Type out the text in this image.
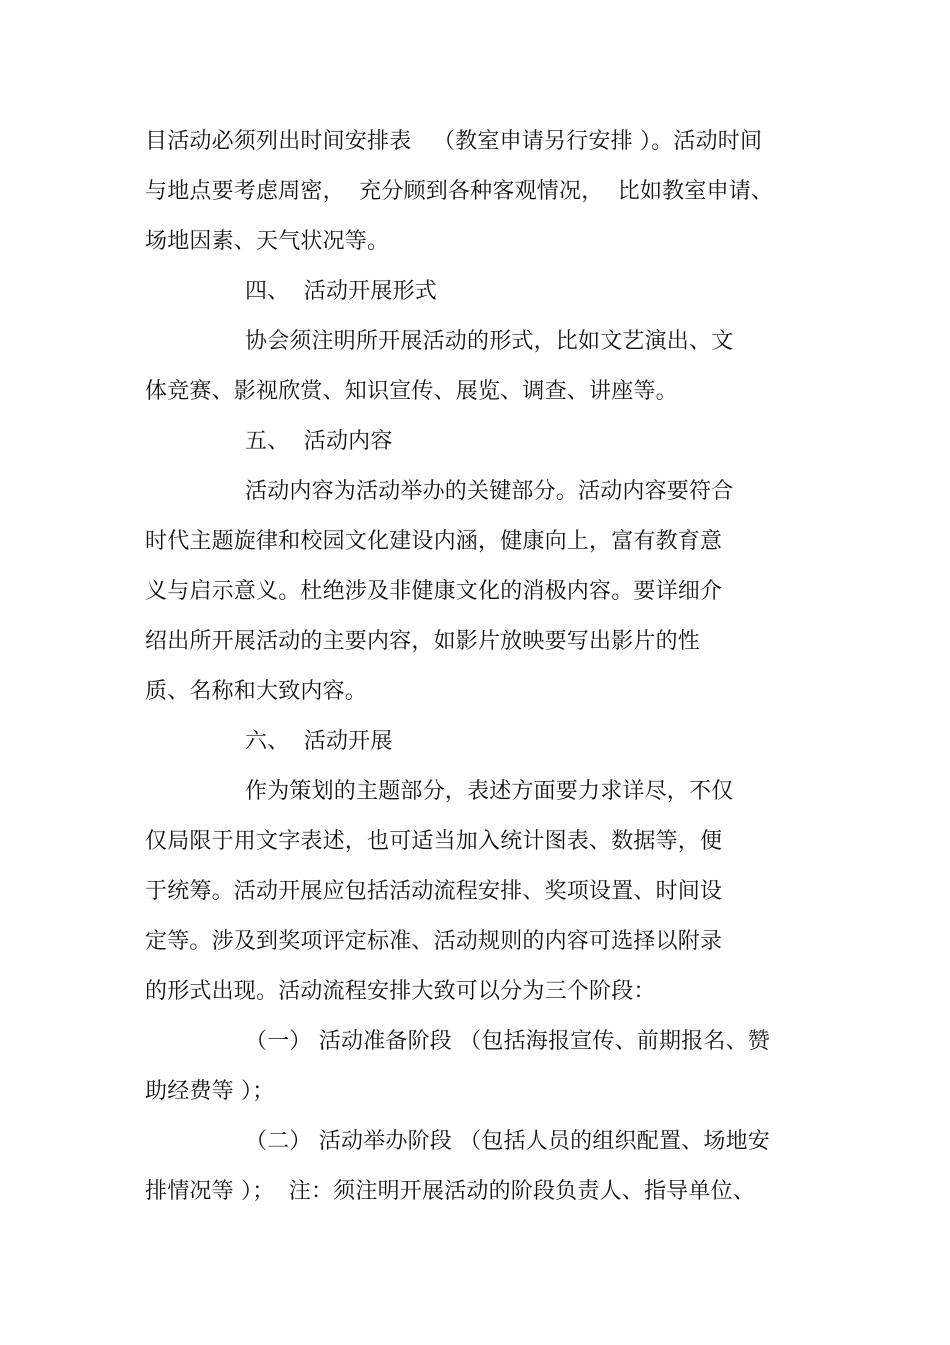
目活动必须列出时间安排表   （教室申请另行安排 ）。活动时间
与地点要考虑周密，  充分顾到各种客观情况，  比如教室申请、
场地因素、天气状况等。
四、  活动开展形式
协会须注明所开展活动的形式，比如文艺演出、文
体竞赛、影视欣赏、知识宣传、展览、调查、讲座等。
五、  活动内容
活动内容为活动举办的关键部分。活动内容要符合
时代主题旋律和校园文化建设内涵，健康向上，富有教育意
义与启示意义。杜绝涉及非健康文化的消极内容。要详细介
绍出所开展活动的主要内容，如影片放映要写出影片的性
质、名称和大致内容。
六、  活动开展
作为策划的主题部分，表述方面要力求详尽，不仅
仅局限于用文字表述，也可适当加入统计图表、数据等，便
于统筹。活动开展应包括活动流程安排、奖项设置、时间设
定等。涉及到奖项评定标准、活动规则的内容可选择以附录
的形式出现。活动流程安排大致可以分为三个阶段：
（一） 活动准备阶段 （包括海报宣传、前期报名、赞
助经费等 ）；
（二） 活动举办阶段 （包括人员的组织配置、场地安
排情况等 ）；  注：须注明开展活动的阶段负责人、指导单位、
